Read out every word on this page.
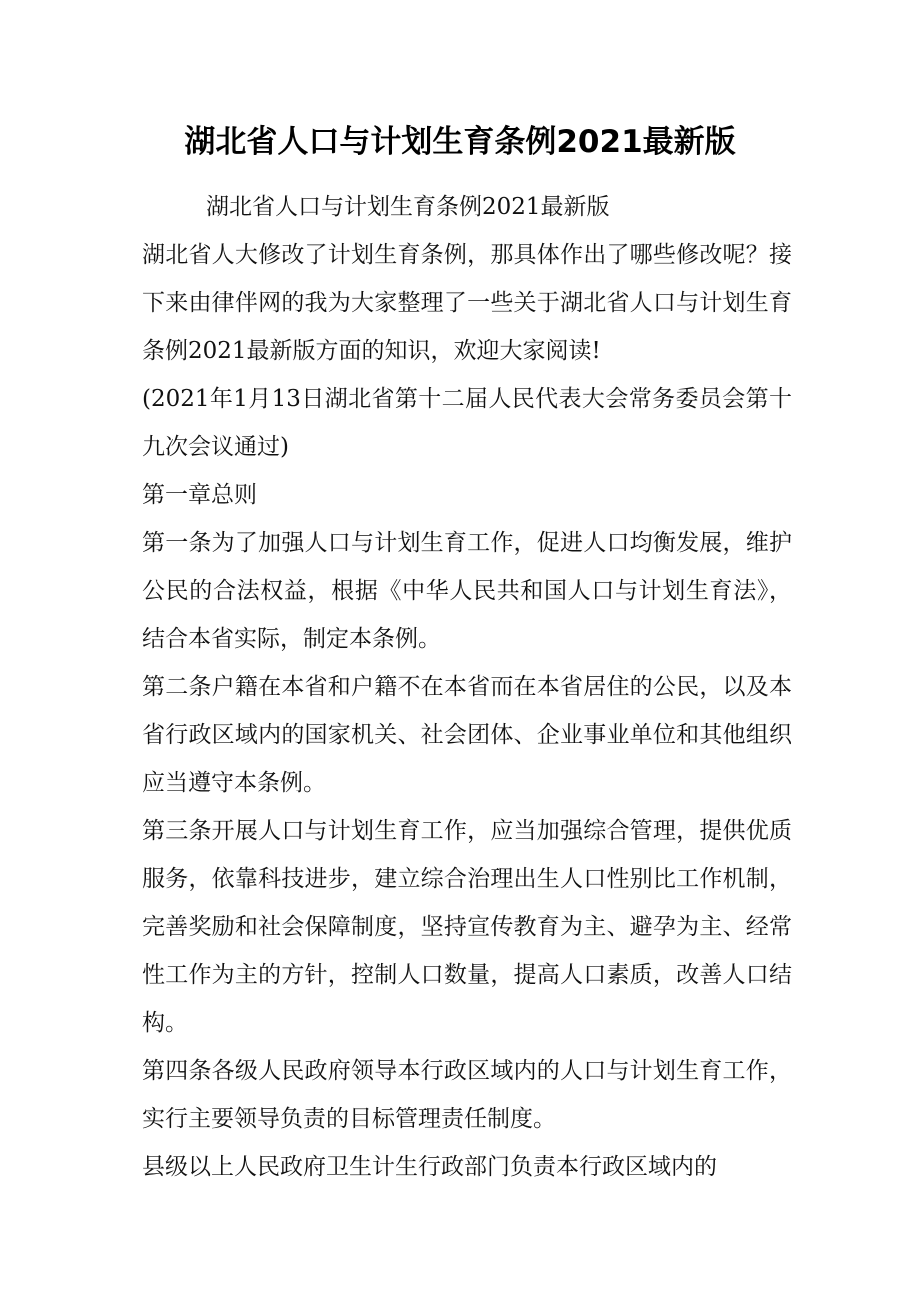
湖北省人口与计划生育条例2021最新版

湖北省人口与计划生育条例2021最新版

湖北省人大修改了计划生育条例，那具体作出了哪些修改呢？接下来由律伴网的我为大家整理了一些关于湖北省人口与计划生育条例2021最新版方面的知识，欢迎大家阅读!

(2021年1月13日湖北省第十二届人民代表大会常务委员会第十九次会议通过)

第一章总则

第一条为了加强人口与计划生育工作，促进人口均衡发展，维护公民的合法权益，根据《中华人民共和国人口与计划生育法》，结合本省实际，制定本条例。

第二条户籍在本省和户籍不在本省而在本省居住的公民，以及本省行政区域内的国家机关、社会团体、企业事业单位和其他组织应当遵守本条例。

第三条开展人口与计划生育工作，应当加强综合管理，提供优质服务，依靠科技进步，建立综合治理出生人口性别比工作机制，完善奖励和社会保障制度，坚持宣传教育为主、避孕为主、经常性工作为主的方针，控制人口数量，提高人口素质，改善人口结构。

第四条各级人民政府领导本行政区域内的人口与计划生育工作，实行主要领导负责的目标管理责任制度。

县级以上人民政府卫生计生行政部门负责本行政区域内的
